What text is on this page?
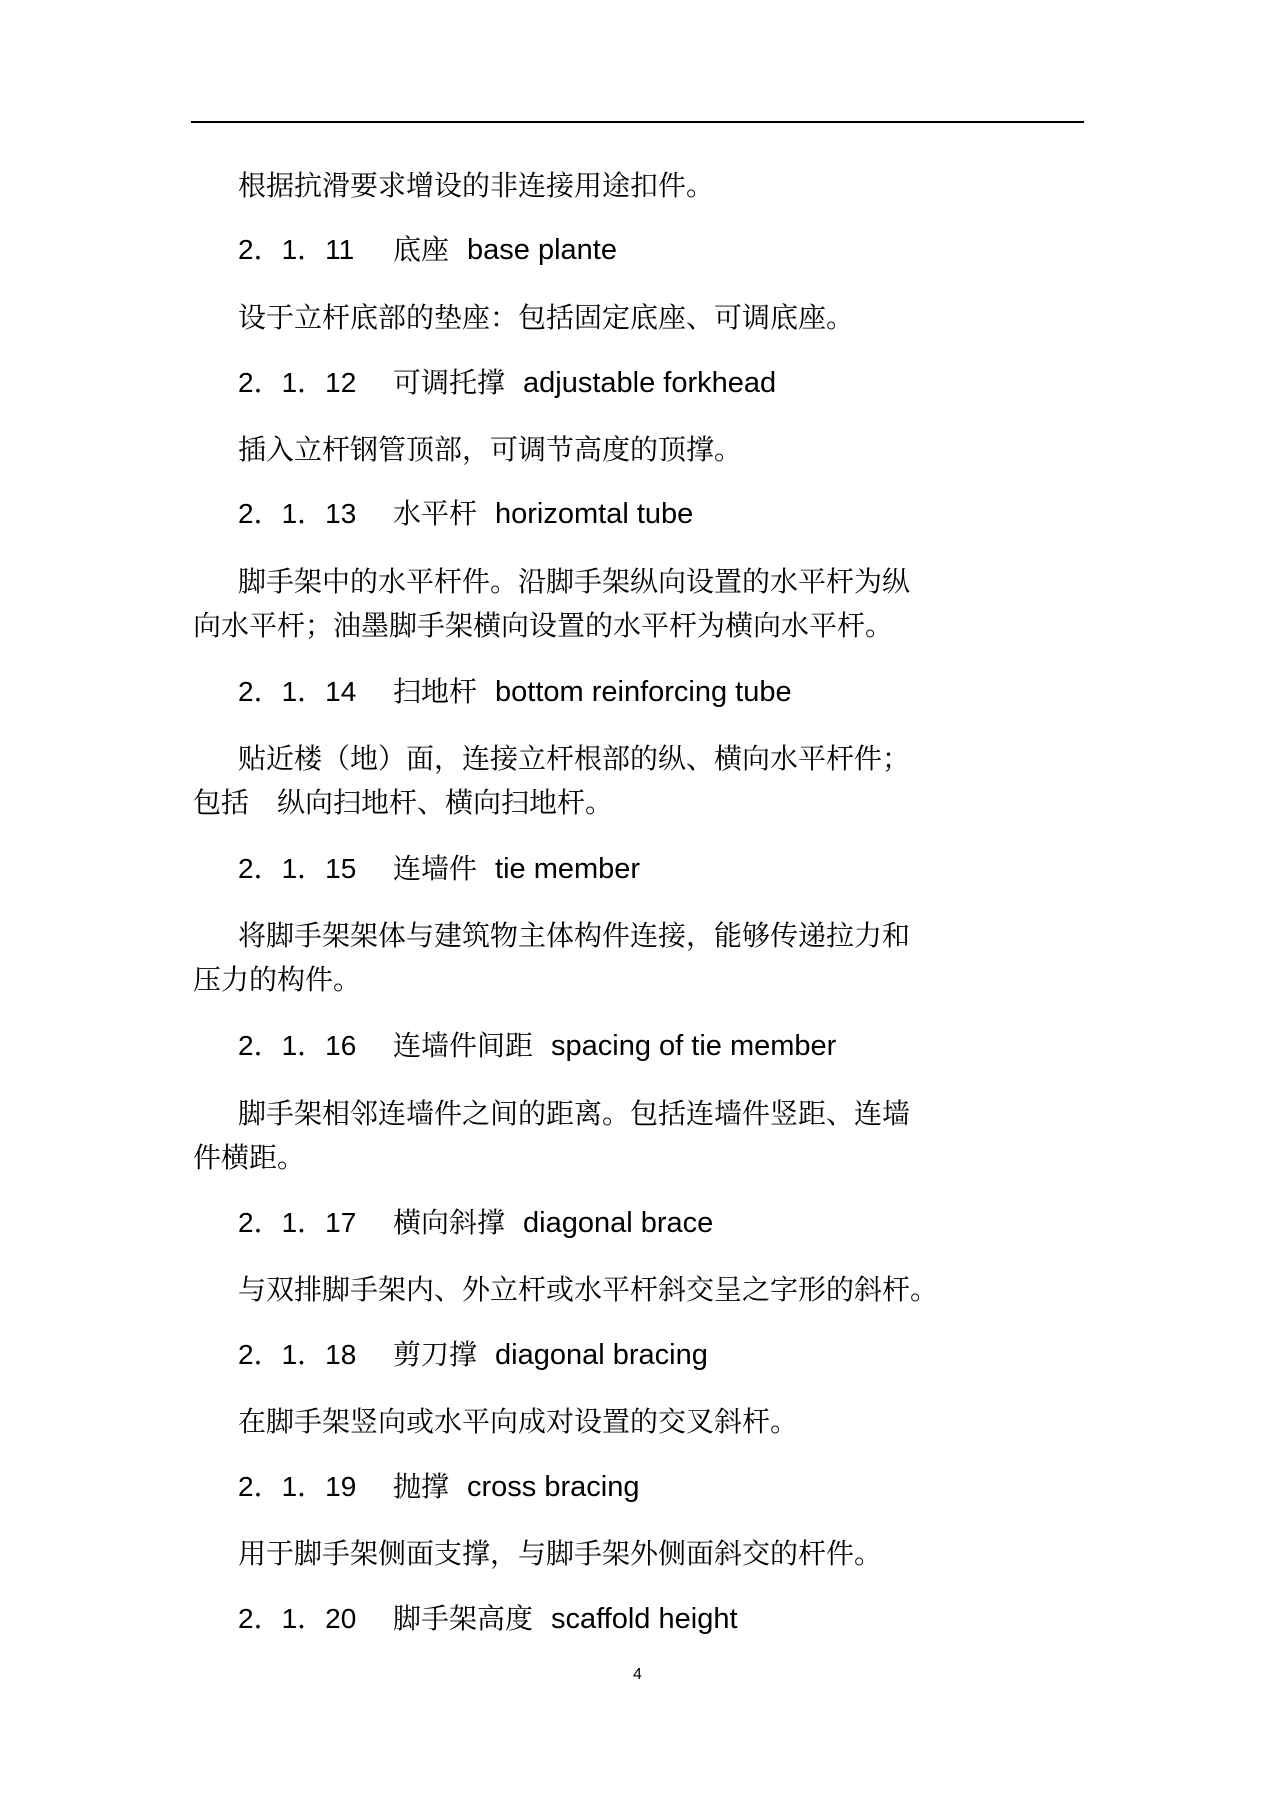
根据抗滑要求增设的非连接用途扣件。
2．1．11 底座 base plante
设于立杆底部的垫座：包括固定底座、可调底座。
2．1．12 可调托撑 adjustable forkhead
插入立杆钢管顶部，可调节高度的顶撑。
2．1．13 水平杆 horizomtal tube
脚手架中的水平杆件。沿脚手架纵向设置的水平杆为纵
向水平杆；油墨脚手架横向设置的水平杆为横向水平杆。
2．1．14 扫地杆 bottom reinforcing tube
贴近楼（地）面，连接立杆根部的纵、横向水平杆件；
包括　纵向扫地杆、横向扫地杆。
2．1．15 连墙件 tie member
将脚手架架体与建筑物主体构件连接，能够传递拉力和
压力的构件。
2．1．16 连墙件间距 spacing of tie member
脚手架相邻连墙件之间的距离。包括连墙件竖距、连墙
件横距。
2．1．17 横向斜撑 diagonal brace
与双排脚手架内、外立杆或水平杆斜交呈之字形的斜杆。
2．1．18 剪刀撑 diagonal bracing
在脚手架竖向或水平向成对设置的交叉斜杆。
2．1．19 抛撑 cross bracing
用于脚手架侧面支撑，与脚手架外侧面斜交的杆件。
2．1．20 脚手架高度 scaffold height
4
